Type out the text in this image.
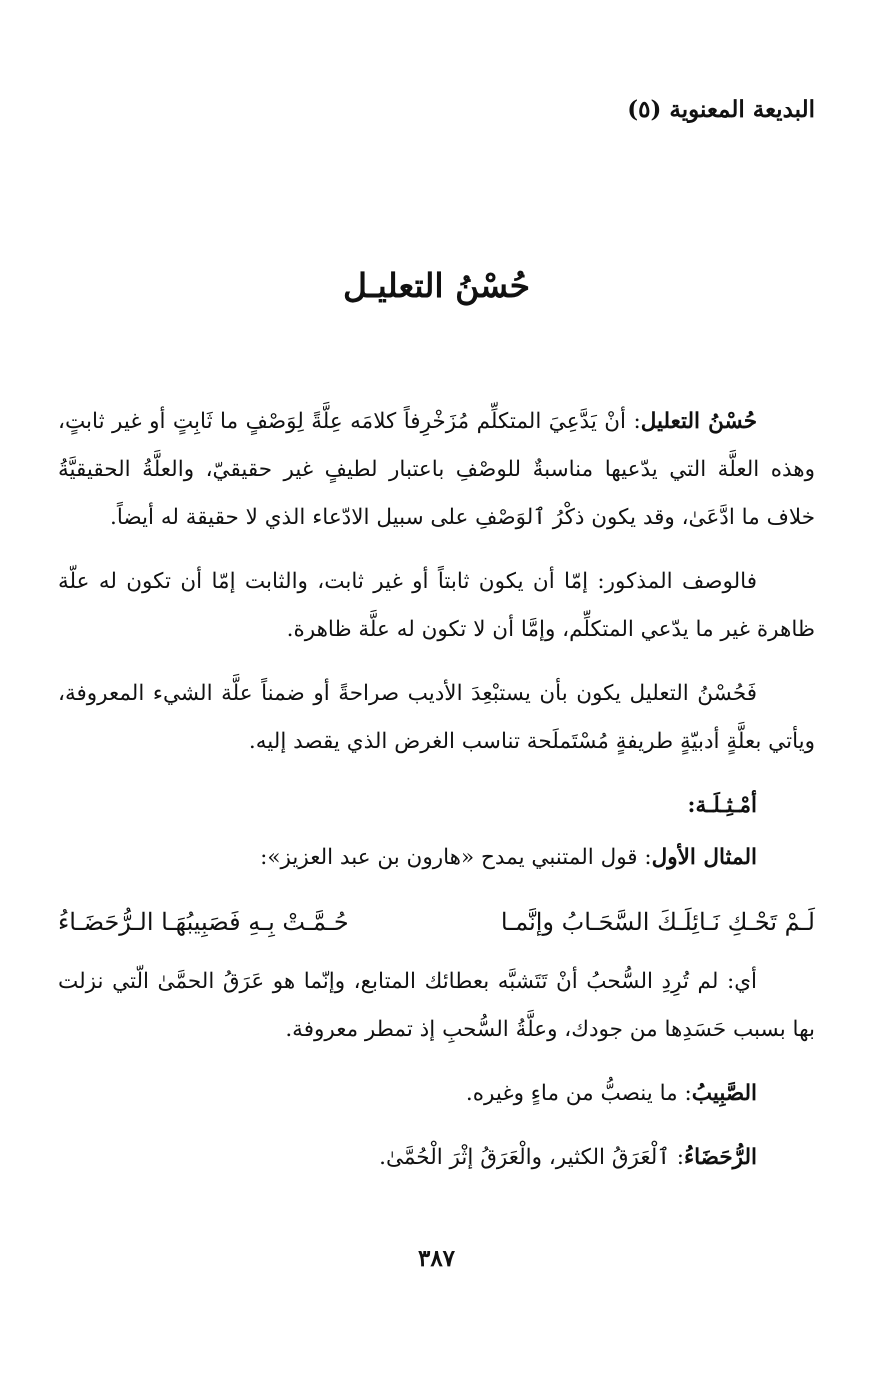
البديعة المعنوية (٥)
حُسْنُ التعليـل

حُسْنُ التعليل: أنْ يَدَّعِيَ المتكلِّم مُزَخْرِفاً كلامَه عِلَّةً لِوَصْفٍ ما ثَابِتٍ أو غير ثابتٍ، وهذه العلَّة التي يدّعيها مناسبةٌ للوصْفِ باعتبار لطيفٍ غير حقيقيّ، والعلَّةُ الحقيقيَّةُ خلاف ما ادَّعَىٰ، وقد يكون ذكْرُ ٱلوَصْفِ على سبيل الادّعاء الذي لا حقيقة له أيضاً.

فالوصف المذكور: إمّا أن يكون ثابتاً أو غير ثابت، والثابت إمّا أن تكون له علّة ظاهرة غير ما يدّعي المتكلِّم، وإمَّا أن لا تكون له علَّة ظاهرة.

فَحُسْنُ التعليل يكون بأن يستبْعِدَ الأديب صراحةً أو ضمناً علَّة الشيء المعروفة، ويأتي بعلَّةٍ أدبيّةٍ طريفةٍ مُسْتَملَحة تناسب الغرض الذي يقصد إليه.

أمْـثِـلَـة:

المثال الأول: قول المتنبي يمدح «هارون بن عبد العزيز»:

لَـمْ تَحْـكِ نَـائِلَـكَ السَّحَـابُ وإنَّمـا
حُـمَّـتْ بِـهِ فَصَبِيبُهَـا الـرُّحَضَـاءُ

أي: لم تُرِدِ السُّحبُ أنْ تَتَشبَّه بعطائك المتابع، وإنّما هو عَرَقُ الحمَّىٰ الّتي نزلت بها بسبب حَسَدِها من جودك، وعلَّةُ السُّحبِ إذ تمطر معروفة.

الصَّبِيبُ: ما ينصبُّ من ماءٍ وغيره.

الرُّحَضَاءُ: ٱلْعَرَقُ الكثير، والْعَرَقُ إثْرَ الْحُمَّىٰ.

٣٨٧
